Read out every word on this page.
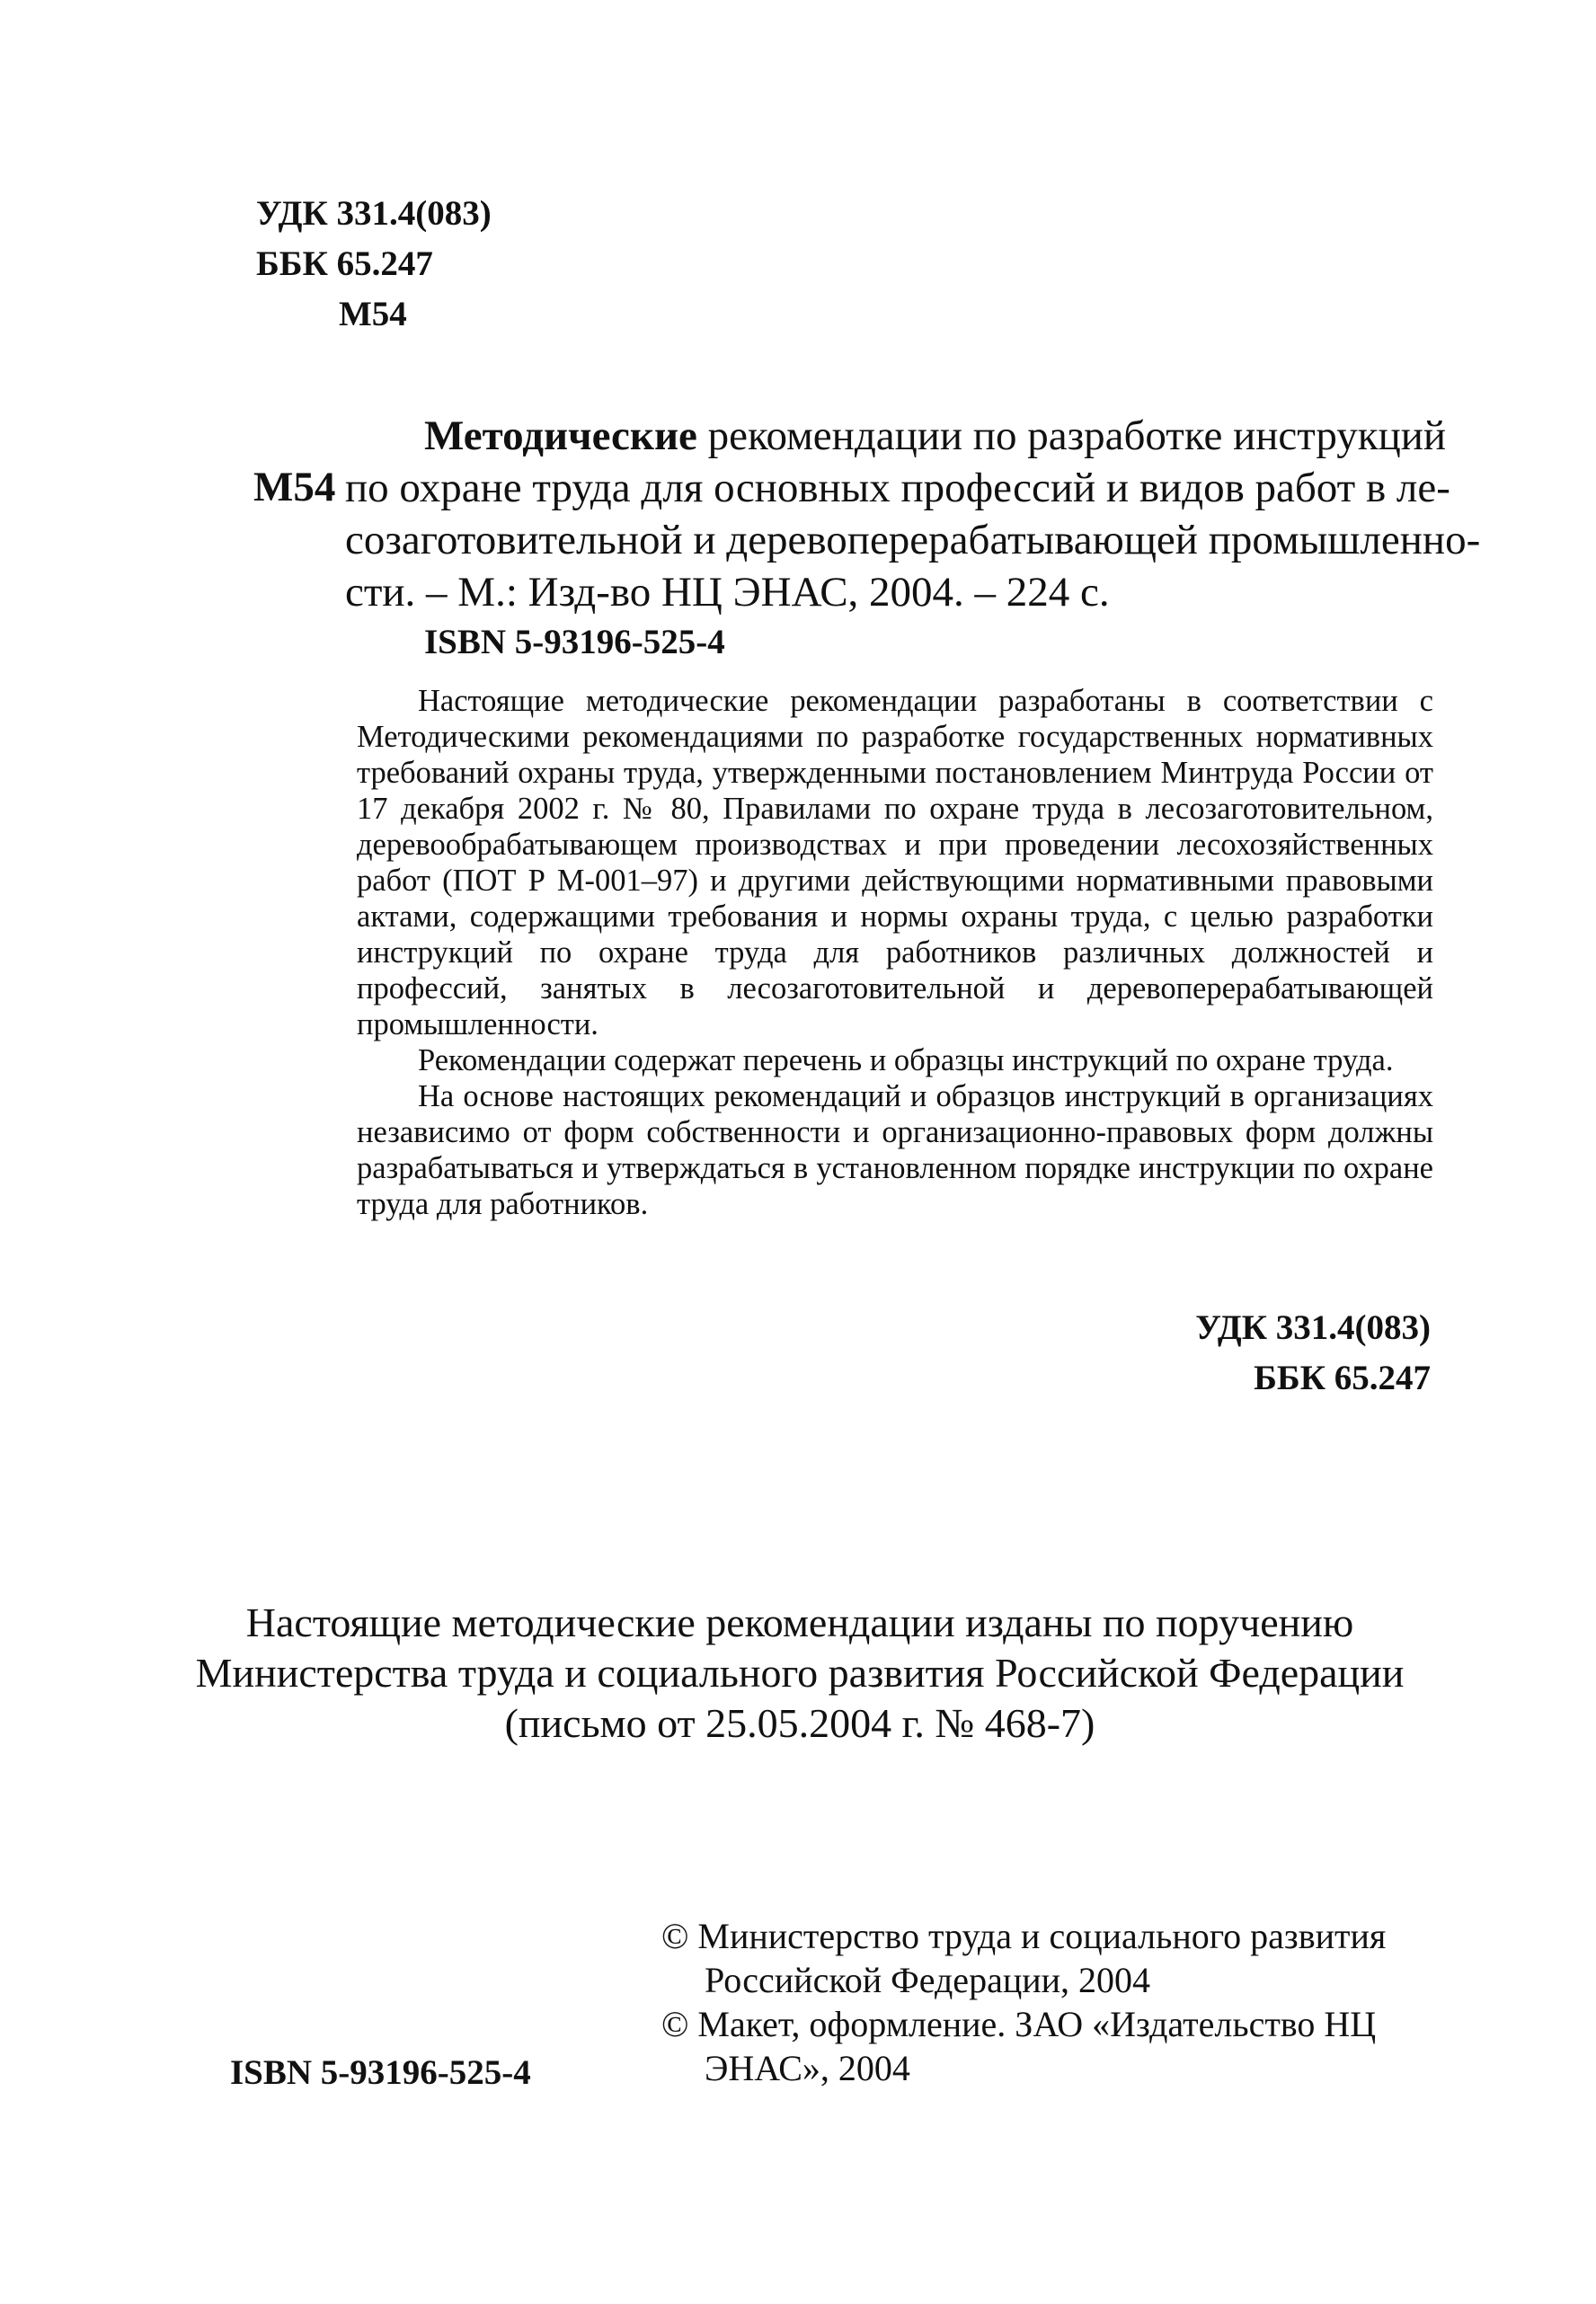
УДК 331.4(083)
ББК 65.247
М54
М54
Методические рекомендации по разработке инструкций
по охране труда для основных профессий и видов работ в ле-
созаготовительной и деревоперерабатывающей промышленно-
сти. – М.: Изд-во НЦ ЭНАС, 2004. – 224 с.
ISBN 5-93196-525-4

Настоящие методические рекомендации разработаны в соответствии с Методическими рекомендациями по разработке государственных нормативных требований охраны труда, утвержденными постановлением Минтруда России от 17 декабря 2002 г. № 80, Правилами по охране труда в лесозаготовительном, деревообрабатывающем производствах и при проведении лесохозяйственных работ (ПОТ Р М-001–97) и другими действующими нормативными правовыми актами, содержащими требования и нормы охраны труда, с целью разработки инструкций по охране труда для работников различных должностей и профессий, занятых в лесозаготовительной и деревоперерабатывающей промышленности.

Рекомендации содержат перечень и образцы инструкций по охране труда.

На основе настоящих рекомендаций и образцов инструкций в организациях независимо от форм собственности и организационно-правовых форм должны разрабатываться и утверждаться в установленном порядке инструкции по охране труда для работников.

УДК 331.4(083)
ББК 65.247
Настоящие методические рекомендации изданы по поручению
Министерства труда и социального развития Российской Федерации
(письмо от 25.05.2004 г. № 468-7)
ISBN 5-93196-525-4
© Министерство труда и социального развития
Российской Федерации, 2004
© Макет, оформление. ЗАО «Издательство НЦ
ЭНАС», 2004
